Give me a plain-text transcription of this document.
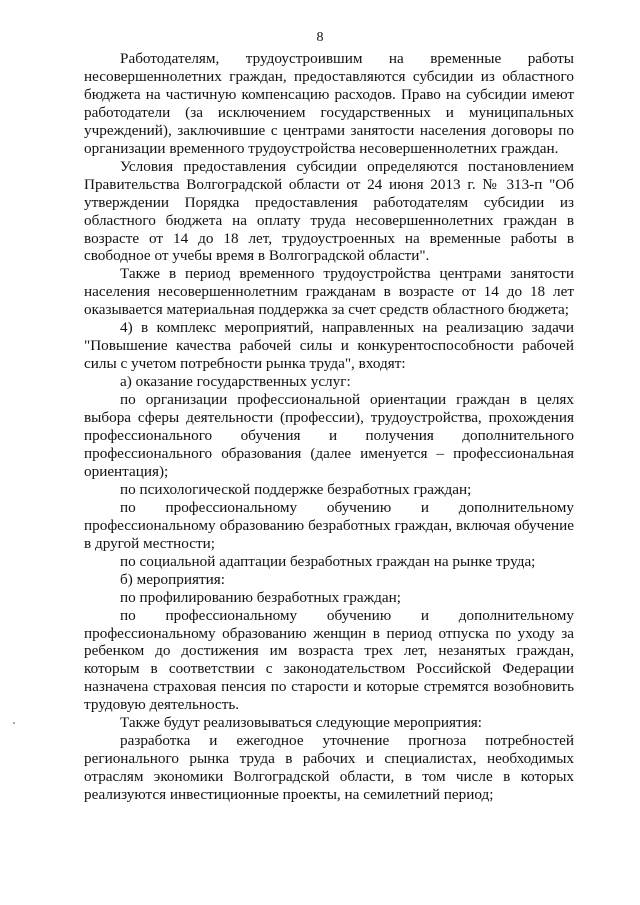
8

Работодателям, трудоустроившим на временные работы несовершеннолетних граждан, предоставляются субсидии из областного бюджета на частичную компенсацию расходов. Право на субсидии имеют работодатели (за исключением государственных и муниципальных учреждений), заключившие с центрами занятости населения договоры по организации временного трудоустройства несовершеннолетних граждан.

Условия предоставления субсидии определяются постановлением Правительства Волгоградской области от 24 июня 2013 г. № 313-п "Об утверждении Порядка предоставления работодателям субсидии из областного бюджета на оплату труда несовершеннолетних граждан в возрасте от 14 до 18 лет, трудоустроенных на временные работы в свободное от учебы время в Волгоградской области".

Также в период временного трудоустройства центрами занятости населения несовершеннолетним гражданам в возрасте от 14 до 18 лет оказывается материальная поддержка за счет средств областного бюджета;

4) в комплекс мероприятий, направленных на реализацию задачи "Повышение качества рабочей силы и конкурентоспособности рабочей силы с учетом потребности рынка труда", входят:

а) оказание государственных услуг:

по организации профессиональной ориентации граждан в целях выбора сферы деятельности (профессии), трудоустройства, прохождения профессионального обучения и получения дополнительного профессионального образования (далее именуется – профессиональная ориентация);

по психологической поддержке безработных граждан;

по профессиональному обучению и дополнительному профессиональному образованию безработных граждан, включая обучение в другой местности;

по социальной адаптации безработных граждан на рынке труда;

б) мероприятия:

по профилированию безработных граждан;

по профессиональному обучению и дополнительному профессиональному образованию женщин в период отпуска по уходу за ребенком до достижения им возраста трех лет, незанятых граждан, которым в соответствии с законодательством Российской Федерации назначена страховая пенсия по старости и которые стремятся возобновить трудовую деятельность.

Также будут реализовываться следующие мероприятия:

разработка и ежегодное уточнение прогноза потребностей регионального рынка труда в рабочих и специалистах, необходимых отраслям экономики Волгоградской области, в том числе в которых реализуются инвестиционные проекты, на семилетний период;
